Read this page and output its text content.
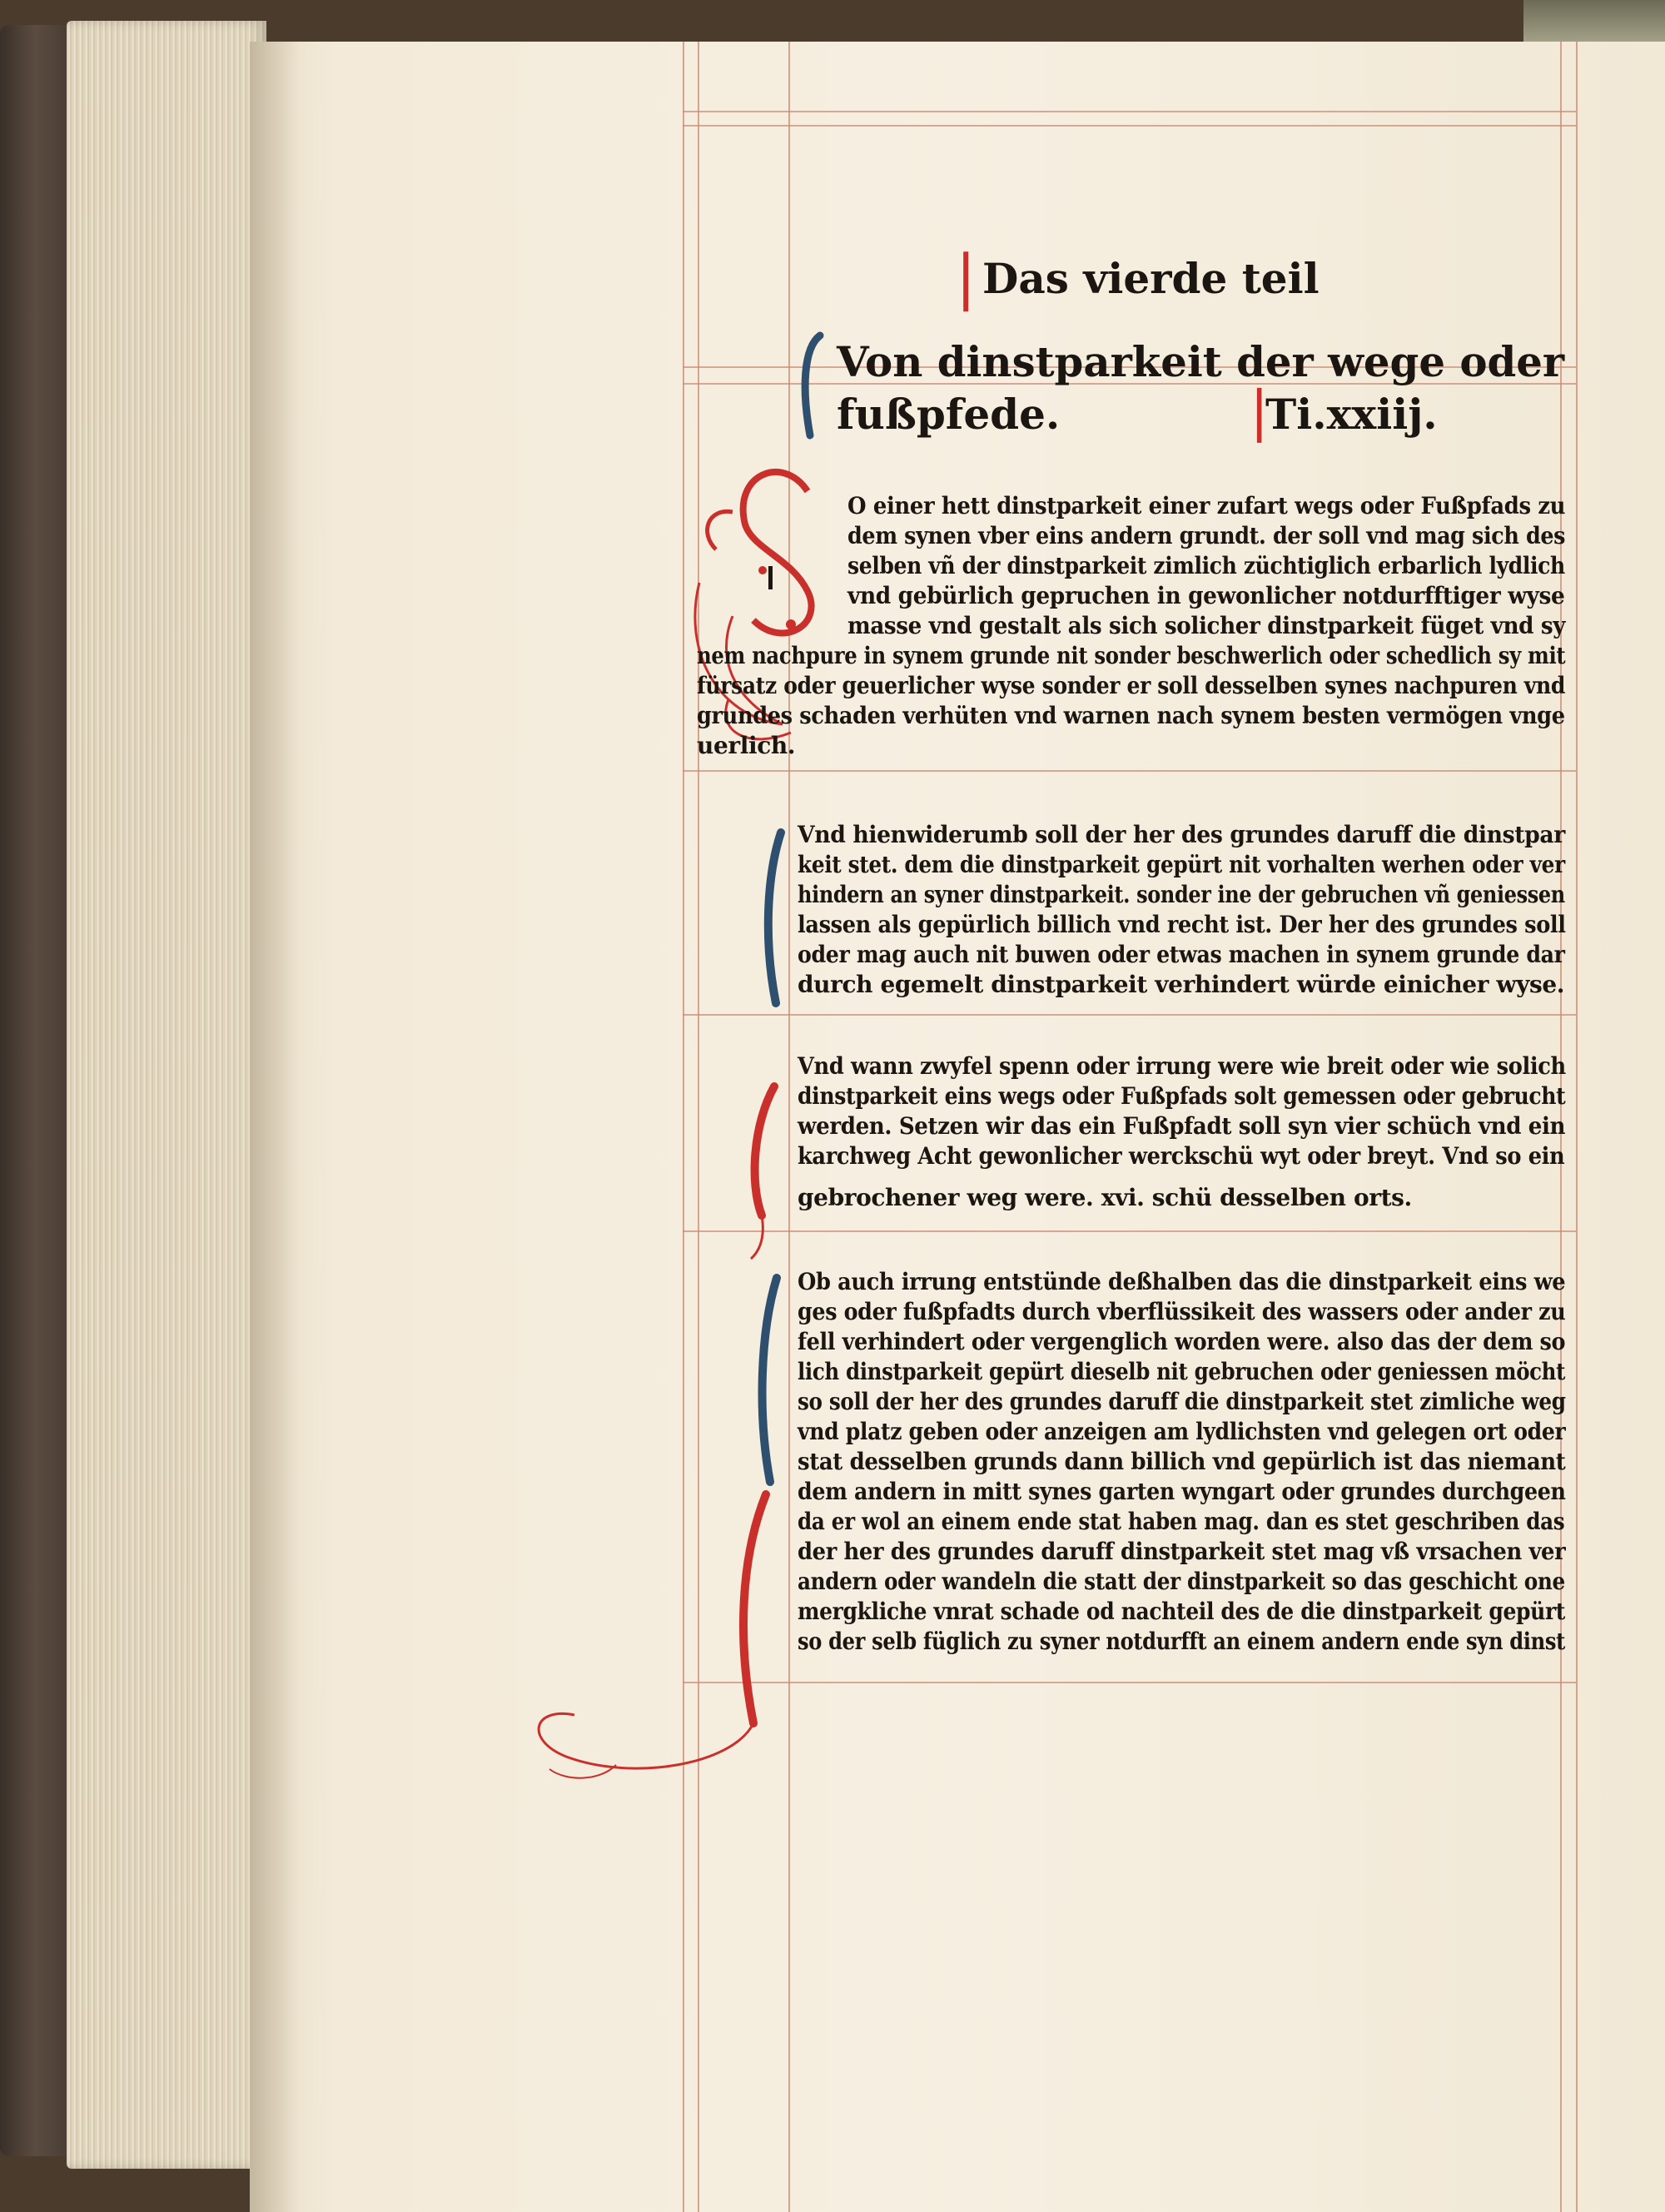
❘
Das vierde teil
Von dinstparkeit der wege oder
fußpfede.	❘
Ti.xxiij.
O einer hett dinstparkeit einer zufart wegs oder Fußpfads zu
dem synen vber eins andern grundt. der soll vnd mag sich des
selben vñ der dinstparkeit zimlich züchtiglich erbarlich lydlich
vnd gebürlich gepruchen in gewonlicher notdurfftiger wyse
masse vnd gestalt als sich solicher dinstparkeit füget vnd sy
nem nachpure in synem grunde nit sonder beschwerlich oder schedlich sy mit
fürsatz oder geuerlicher wyse sonder er soll desselben synes nachpuren vnd
grundes schaden verhüten vnd warnen nach synem besten vermögen vnge
uerlich.
Vnd hienwiderumb soll der her des grundes daruff die dinstpar
keit stet. dem die dinstparkeit gepürt nit vorhalten werhen oder ver
hindern an syner dinstparkeit. sonder ine der gebruchen vñ geniessen
lassen als gepürlich billich vnd recht ist. Der her des grundes soll
oder mag auch nit buwen oder etwas machen in synem grunde dar
durch egemelt dinstparkeit verhindert würde einicher wyse.
Vnd wann zwyfel spenn oder irrung were wie breit oder wie solich
dinstparkeit eins wegs oder Fußpfads solt gemessen oder gebrucht
werden. Setzen wir das ein Fußpfadt soll syn vier schüch vnd ein
karchweg Acht gewonlicher werckschü wyt oder breyt. Vnd so ein
gebrochener weg were. xvi. schü desselben orts.
Ob auch irrung entstünde deßhalben das die dinstparkeit eins we
ges oder fußpfadts durch vberflüssikeit des wassers oder ander zu
fell verhindert oder vergenglich worden were. also das der dem so
lich dinstparkeit gepürt dieselb nit gebruchen oder geniessen möcht
so soll der her des grundes daruff die dinstparkeit stet zimliche weg
vnd platz geben oder anzeigen am lydlichsten vnd gelegen ort oder
stat desselben grunds dann billich vnd gepürlich ist das niemant
dem andern in mitt synes garten wyngart oder grundes durchgeen
da er wol an einem ende stat haben mag. dan es stet geschriben das
der her des grundes daruff dinstparkeit stet mag vß vrsachen ver
andern oder wandeln die statt der dinstparkeit so das geschicht one
mergkliche vnrat schade od nachteil des de die dinstparkeit gepürt
so der selb füglich zu syner notdurfft an einem andern ende syn dinst
